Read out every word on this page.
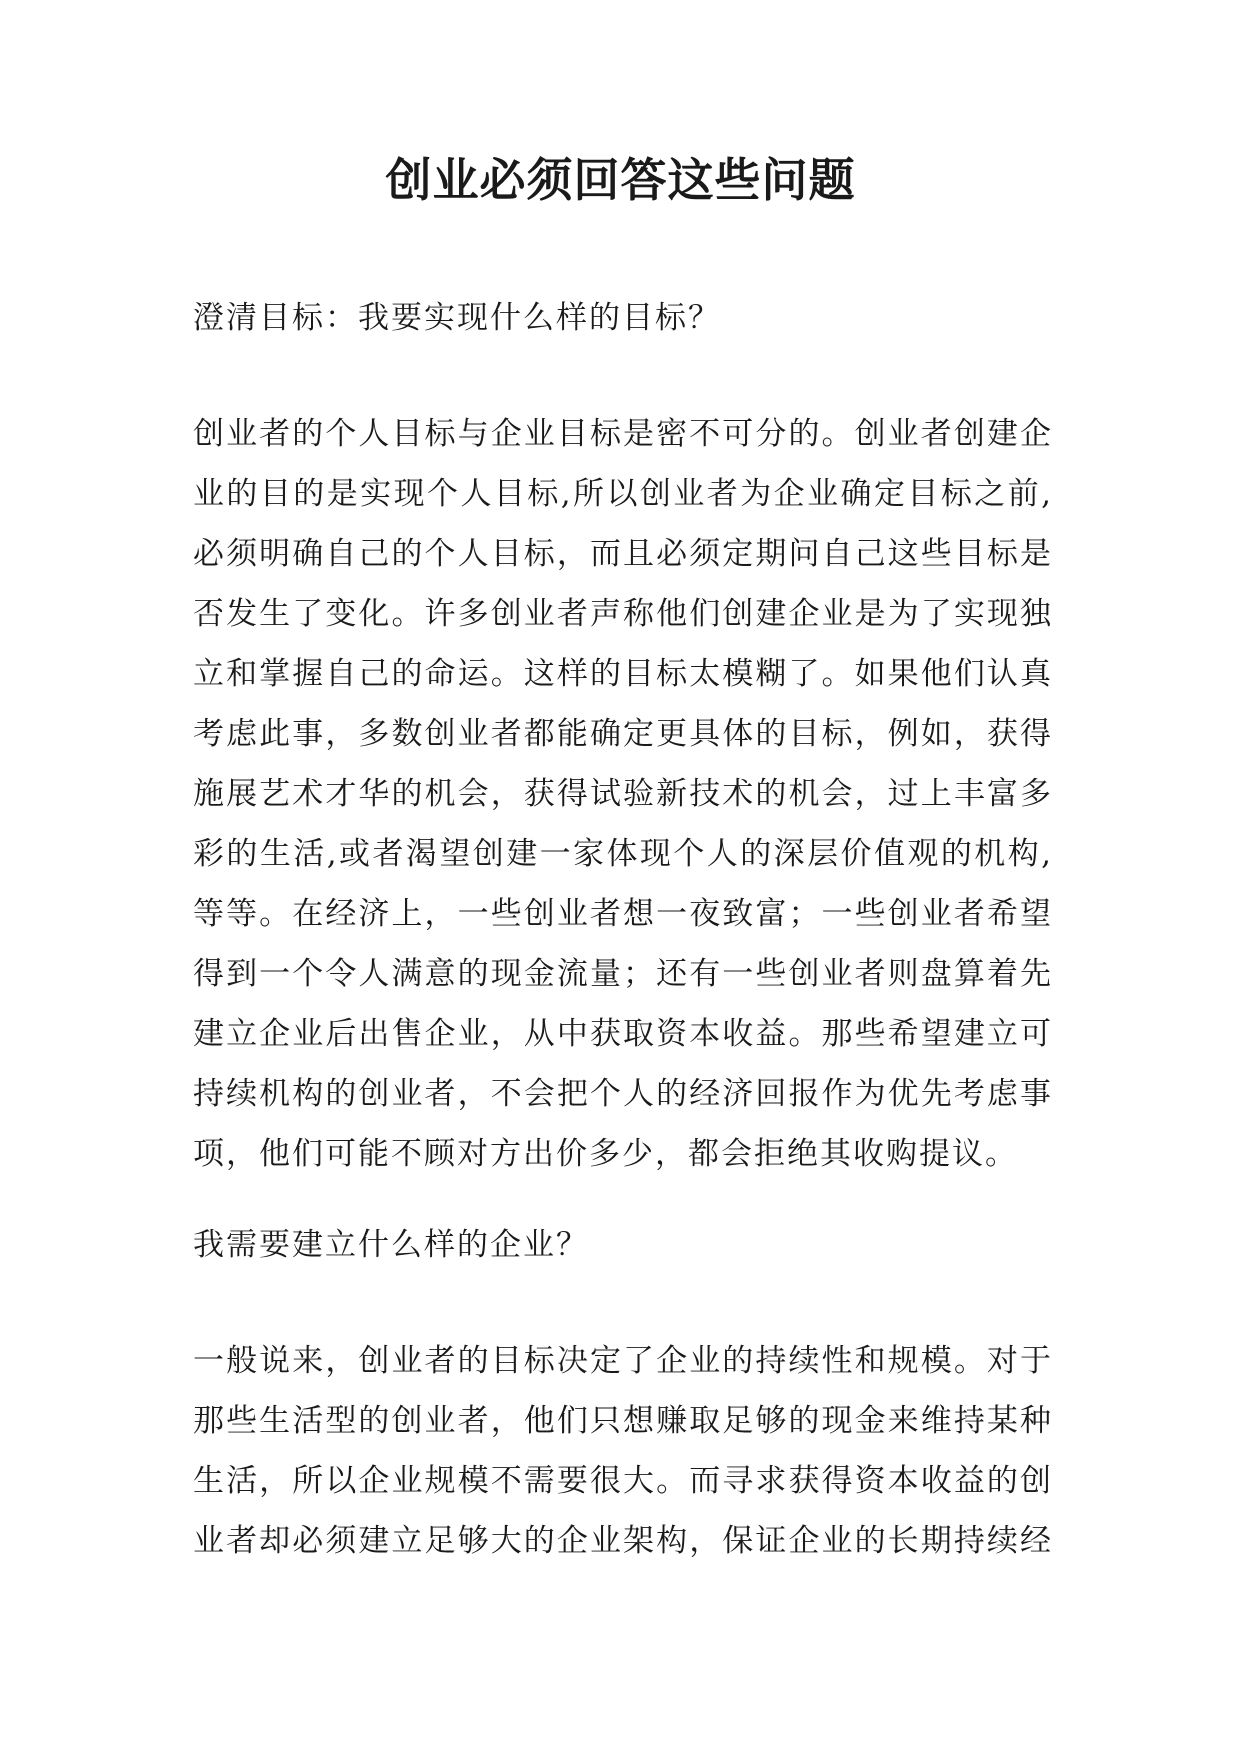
创业必须回答这些问题

澄清目标：我要实现什么样的目标？

创业者的个人目标与企业目标是密不可分的。创业者创建企
业的目的是实现个人目标,所以创业者为企业确定目标之前,
必须明确自己的个人目标，而且必须定期问自己这些目标是
否发生了变化。许多创业者声称他们创建企业是为了实现独
立和掌握自己的命运。这样的目标太模糊了。如果他们认真
考虑此事，多数创业者都能确定更具体的目标，例如，获得
施展艺术才华的机会，获得试验新技术的机会，过上丰富多
彩的生活,或者渴望创建一家体现个人的深层价值观的机构,
等等。在经济上，一些创业者想一夜致富；一些创业者希望
得到一个令人满意的现金流量；还有一些创业者则盘算着先
建立企业后出售企业，从中获取资本收益。那些希望建立可
持续机构的创业者，不会把个人的经济回报作为优先考虑事
项，他们可能不顾对方出价多少，都会拒绝其收购提议。

我需要建立什么样的企业？

一般说来，创业者的目标决定了企业的持续性和规模。对于
那些生活型的创业者，他们只想赚取足够的现金来维持某种
生活，所以企业规模不需要很大。而寻求获得资本收益的创
业者却必须建立足够大的企业架构，保证企业的长期持续经
